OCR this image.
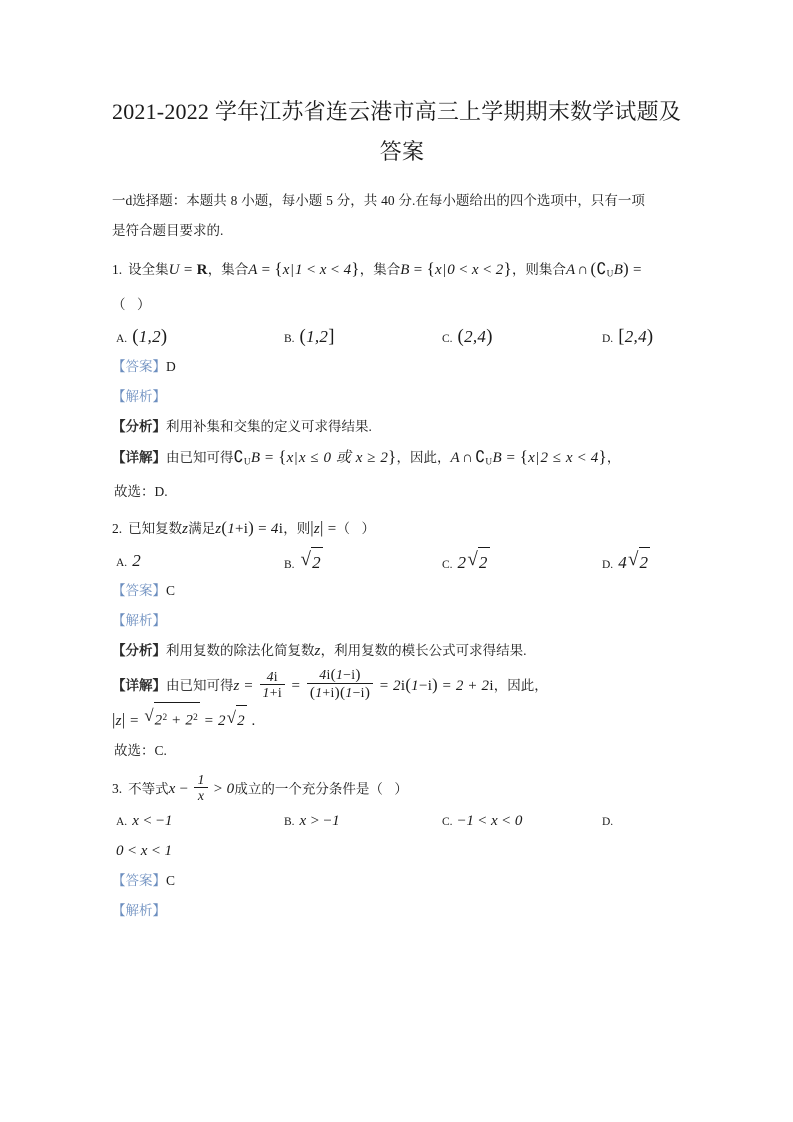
2021-2022 学年江苏省连云港市高三上学期期末数学试题及
答案

一d选择题：本题共 8 小题，每小题 5 分，共 40 分.在每小题给出的四个选项中，只有一项

是符合题目要求的.

1. 设全集U = R，集合A = {x|1 < x < 4}，集合B = {x|0 < x < 2}，则集合A ∩ $(∁_UB)$ =
（ ）
A. (1,2)	B. (1,2]	C. (2,4)	D. [2,4)

【答案】D

【解析】

【分析】利用补集和交集的定义可求得结果.

【详解】由已知可得$∁_UB = \{x|x \le 0$ 或 x ≥ 2}，因此，A ∩ $∁_UB = \{x|2 \le x < 4\}$，

故选：D.

2. 已知复数z满足z(1+i) = 4i，则|z| =（ ）
A. 2	B. √ 2	C. 2 √ 2	D. 4 √ 2

【答案】C

【解析】

【分析】利用复数的除法化简复数z，利用复数的模长公式可求得结果.

【详解】由已知可得$z = \frac{4i}{1+i} = \frac{4i(1-i)}{(1+i)(1-i)} = 2i(1-i) = 2 + 2i$，因此，

|z| = √ $2^2 + 2^2 = 2$ √ 2 .

故选：C.

3. 不等式$x - \frac{1}{x} > 0$成立的一个充分条件是（ ）
A. x < −1	B. x > −1	C. −1 < x < 0	D.
0 < x < 1

【答案】C

【解析】
